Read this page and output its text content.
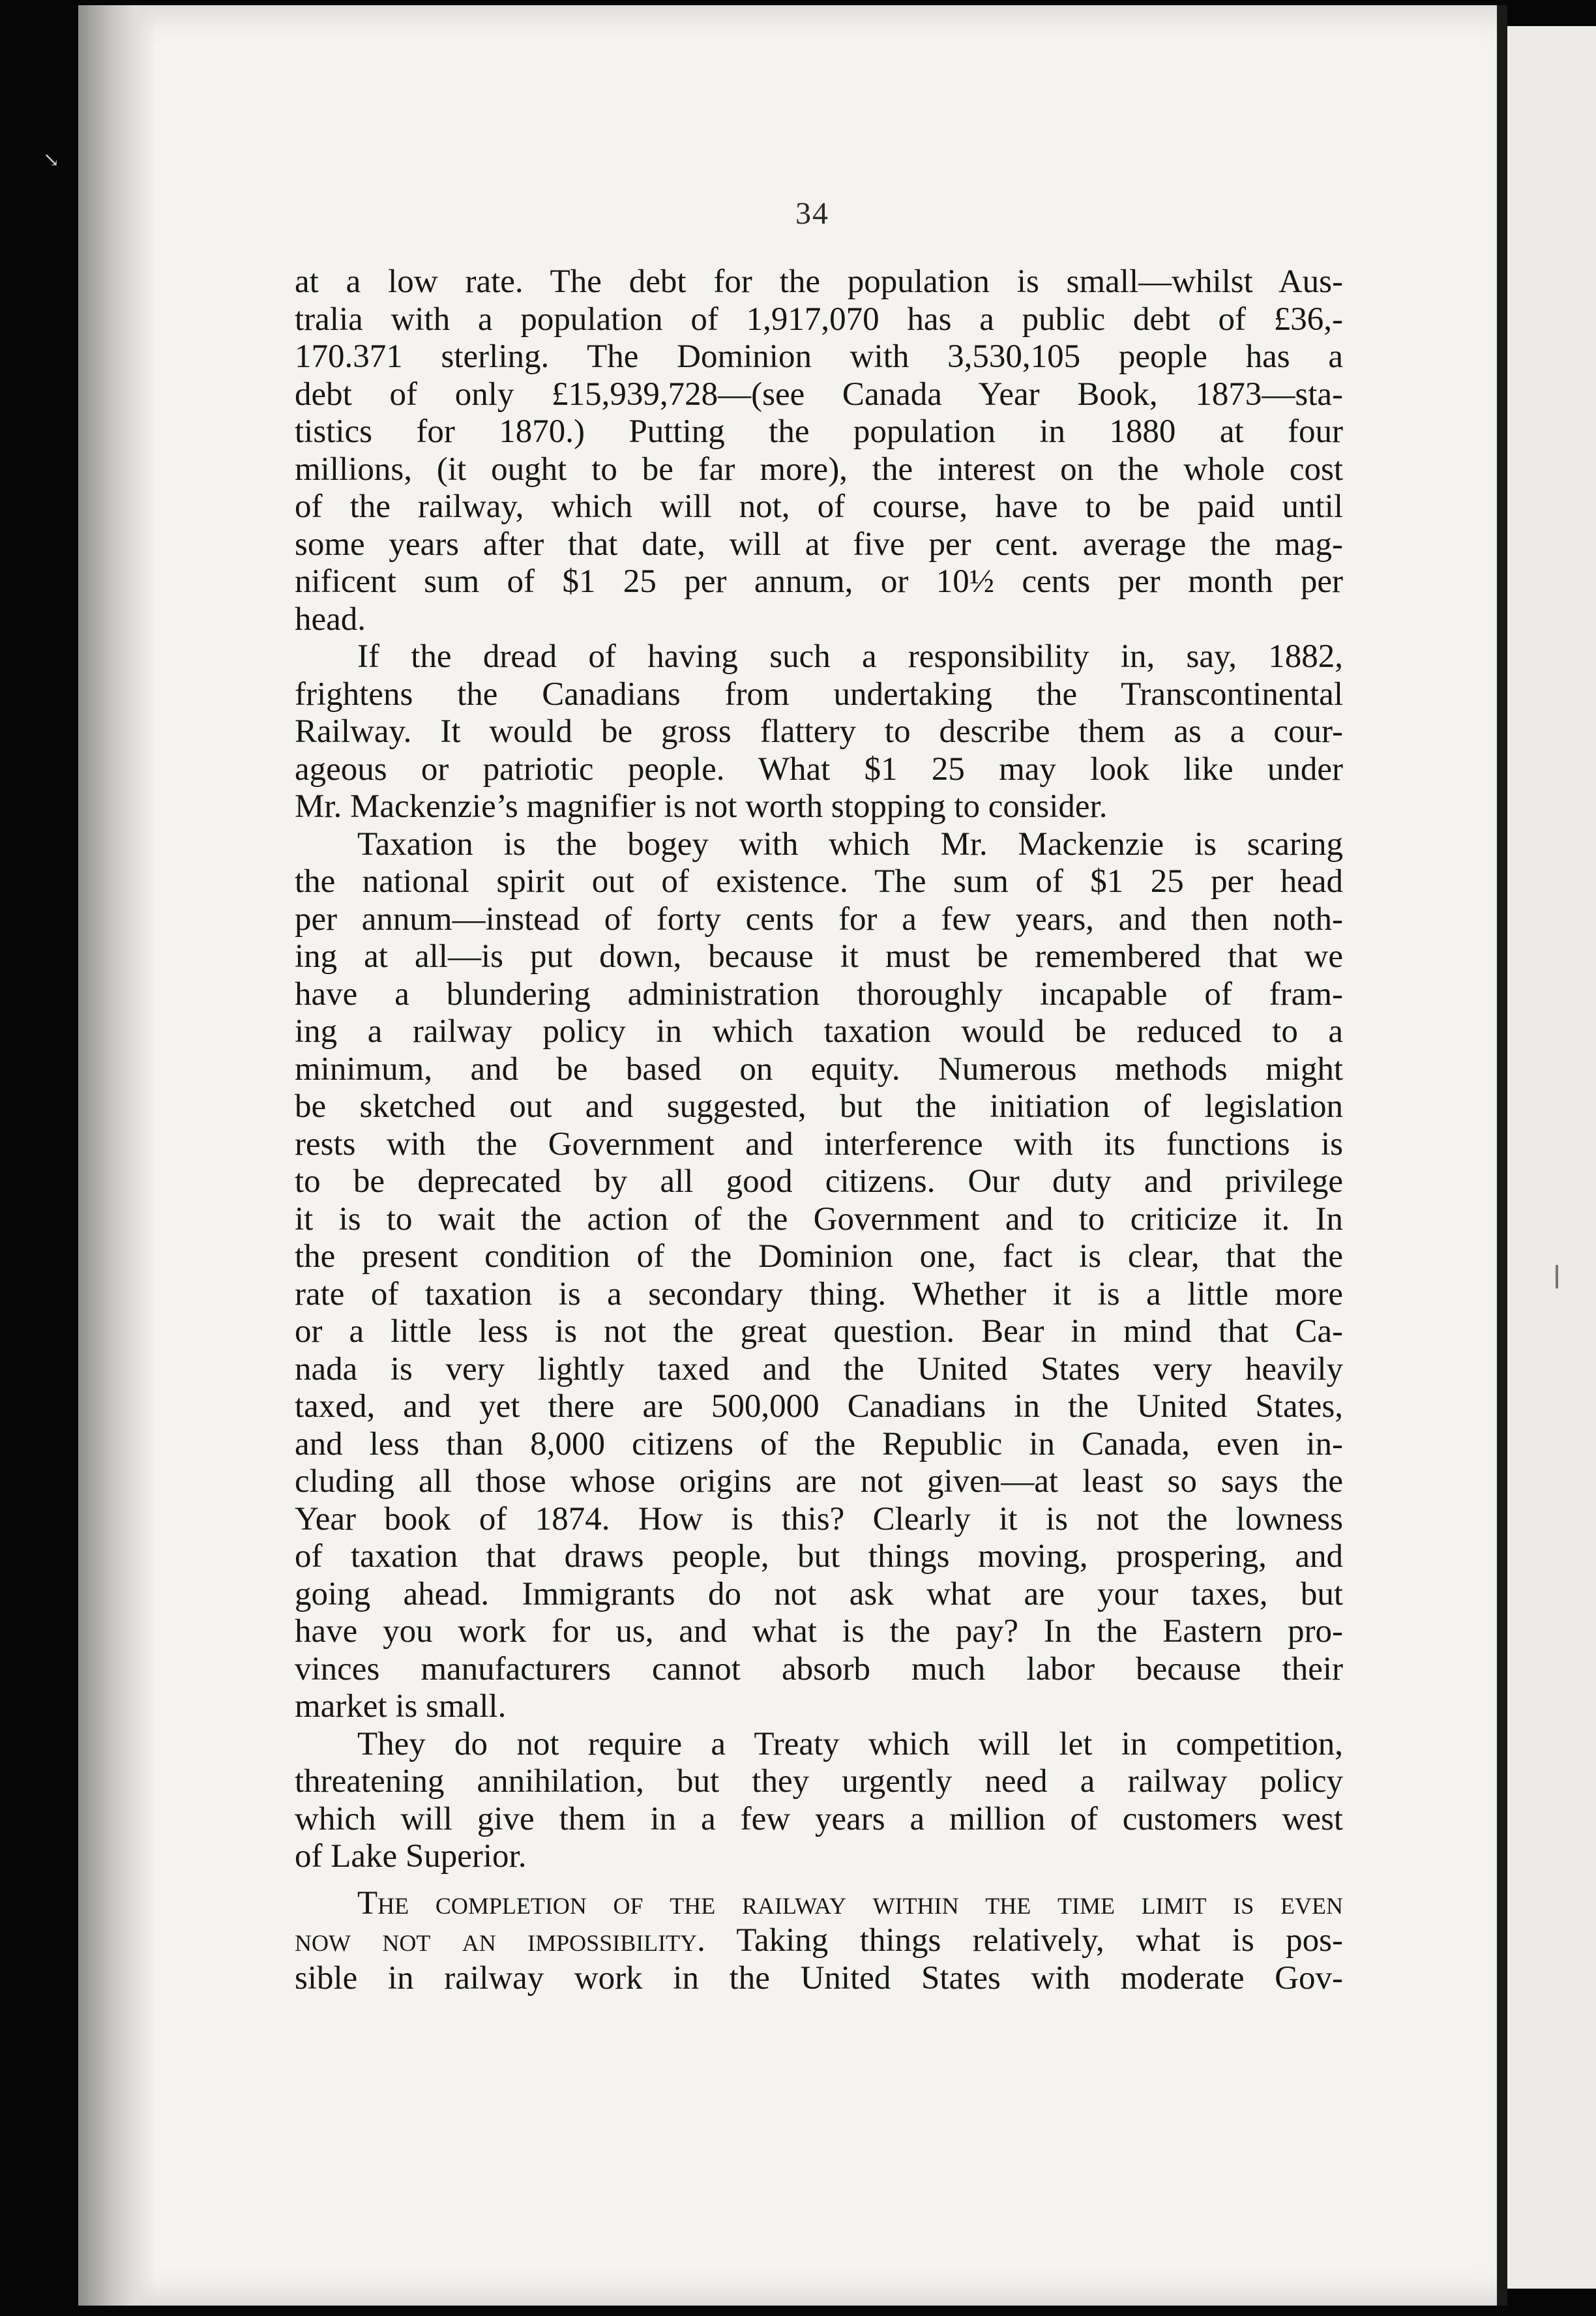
↘
34
at a low rate. The debt for the population is small—whilst Aus-
tralia with a population of 1,917,070 has a public debt of £36,-
170.371 sterling. The Dominion with 3,530,105 people has a
debt of only £15,939,728—(see Canada Year Book, 1873—sta-
tistics for 1870.) Putting the population in 1880 at four
millions, (it ought to be far more), the interest on the whole cost
of the railway, which will not, of course, have to be paid until
some years after that date, will at five per cent. average the mag-
nificent sum of $1 25 per annum, or 10½ cents per month per
head.
If the dread of having such a responsibility in, say, 1882,
frightens the Canadians from undertaking the Transcontinental
Railway. It would be gross flattery to describe them as a cour-
ageous or patriotic people. What $1 25 may look like under
Mr. Mackenzie’s magnifier is not worth stopping to consider.
Taxation is the bogey with which Mr. Mackenzie is scaring
the national spirit out of existence. The sum of $1 25 per head
per annum—instead of forty cents for a few years, and then noth-
ing at all—is put down, because it must be remembered that we
have a blundering administration thoroughly incapable of fram-
ing a railway policy in which taxation would be reduced to a
minimum, and be based on equity. Numerous methods might
be sketched out and suggested, but the initiation of legislation
rests with the Government and interference with its functions is
to be deprecated by all good citizens. Our duty and privilege
it is to wait the action of the Government and to criticize it. In
the present condition of the Dominion one, fact is clear, that the
rate of taxation is a secondary thing. Whether it is a little more
or a little less is not the great question. Bear in mind that Ca-
nada is very lightly taxed and the United States very heavily
taxed, and yet there are 500,000 Canadians in the United States,
and less than 8,000 citizens of the Republic in Canada, even in-
cluding all those whose origins are not given—at least so says the
Year book of 1874. How is this? Clearly it is not the lowness
of taxation that draws people, but things moving, prospering, and
going ahead. Immigrants do not ask what are your taxes, but
have you work for us, and what is the pay? In the Eastern pro-
vinces manufacturers cannot absorb much labor because their
market is small.
They do not require a Treaty which will let in competition,
threatening annihilation, but they urgently need a railway policy
which will give them in a few years a million of customers west
of Lake Superior.
The completion of the railway within the time limit is even
now not an impossibility. Taking things relatively, what is pos-
sible in railway work in the United States with moderate Gov-
